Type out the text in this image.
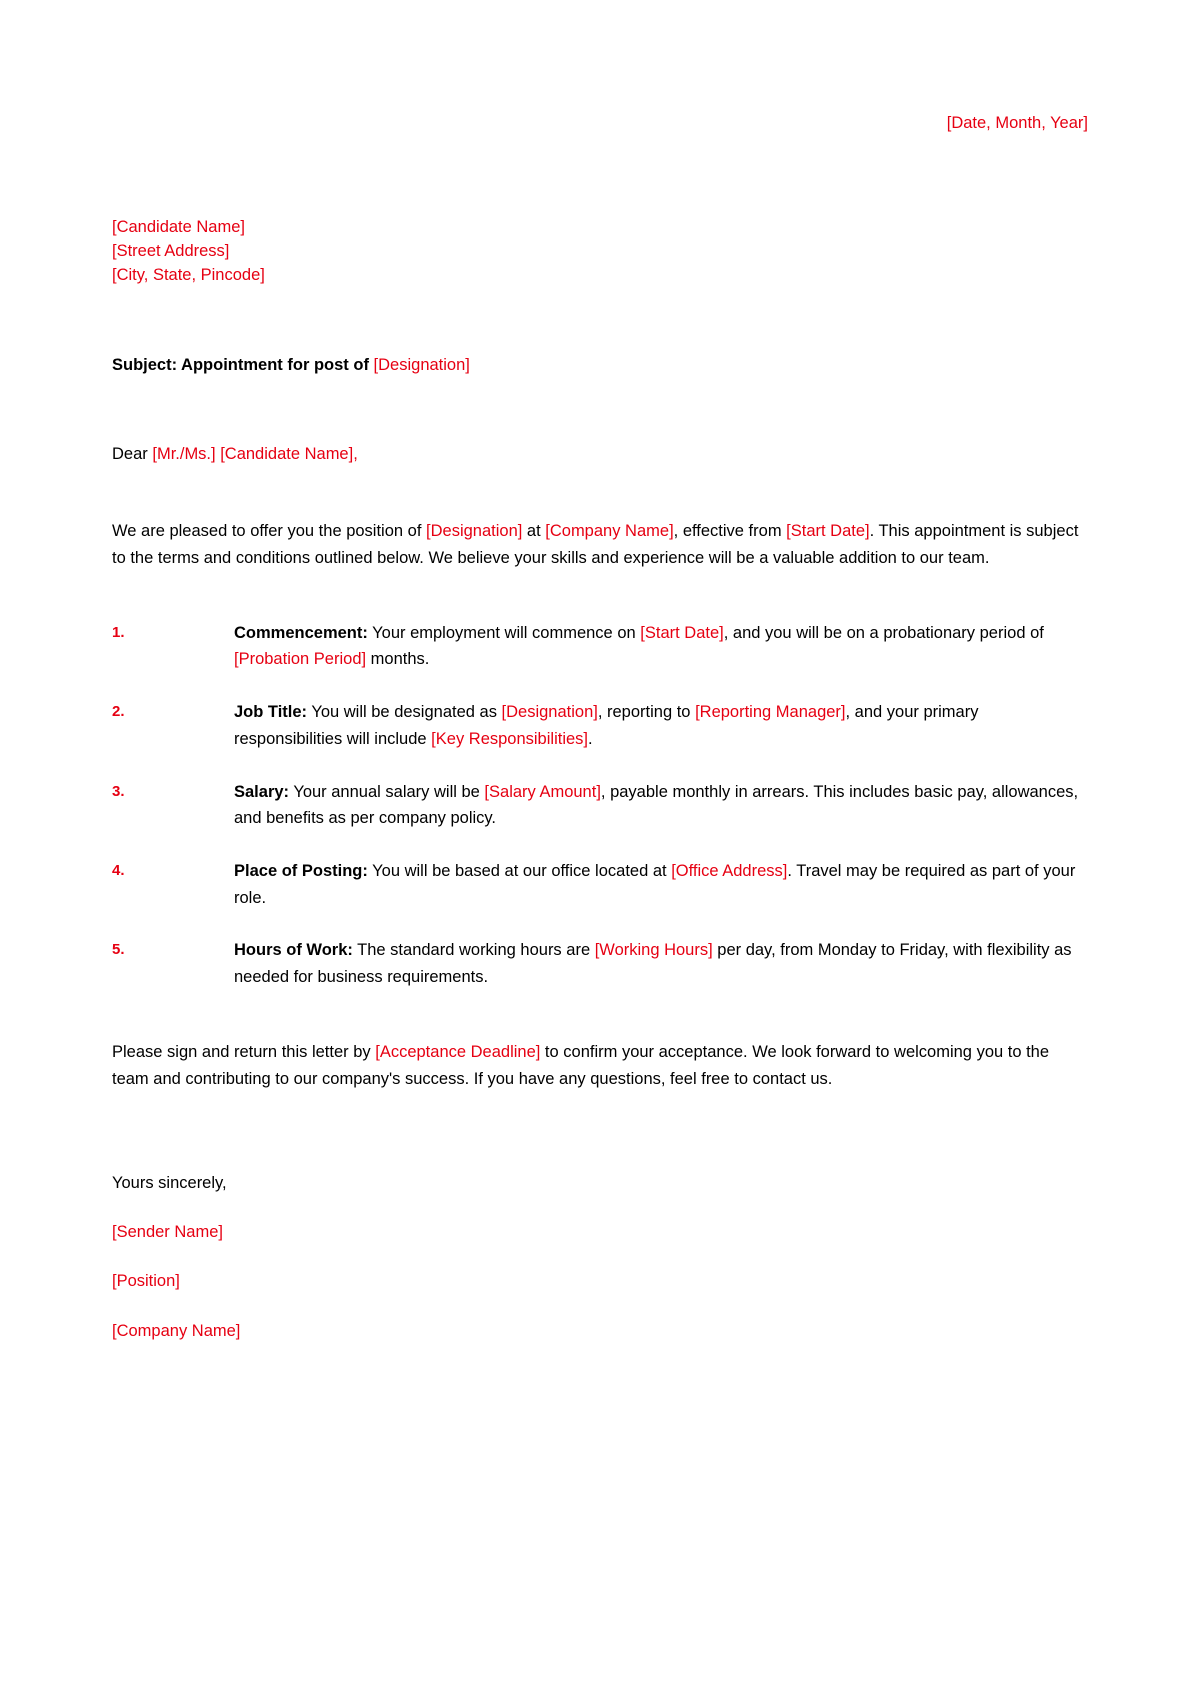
[Date, Month, Year]
[Candidate Name]
[Street Address]
[City, State, Pincode]
Subject: Appointment for post of [Designation]
Dear [Mr./Ms.] [Candidate Name],
We are pleased to offer you the position of [Designation] at [Company Name], effective from [Start Date]. This appointment is subject to the terms and conditions outlined below. We believe your skills and experience will be a valuable addition to our team.
1.	Commencement: Your employment will commence on [Start Date], and you will be on a probationary period of [Probation Period] months.
2.	Job Title: You will be designated as [Designation], reporting to [Reporting Manager], and your primary responsibilities will include [Key Responsibilities].
3.	Salary: Your annual salary will be [Salary Amount], payable monthly in arrears. This includes basic pay, allowances, and benefits as per company policy.
4.	Place of Posting: You will be based at our office located at [Office Address]. Travel may be required as part of your role.
5.	Hours of Work: The standard working hours are [Working Hours] per day, from Monday to Friday, with flexibility as needed for business requirements.
Please sign and return this letter by [Acceptance Deadline] to confirm your acceptance. We look forward to welcoming you to the team and contributing to our company's success. If you have any questions, feel free to contact us.
Yours sincerely,
[Sender Name]
[Position]
[Company Name]
